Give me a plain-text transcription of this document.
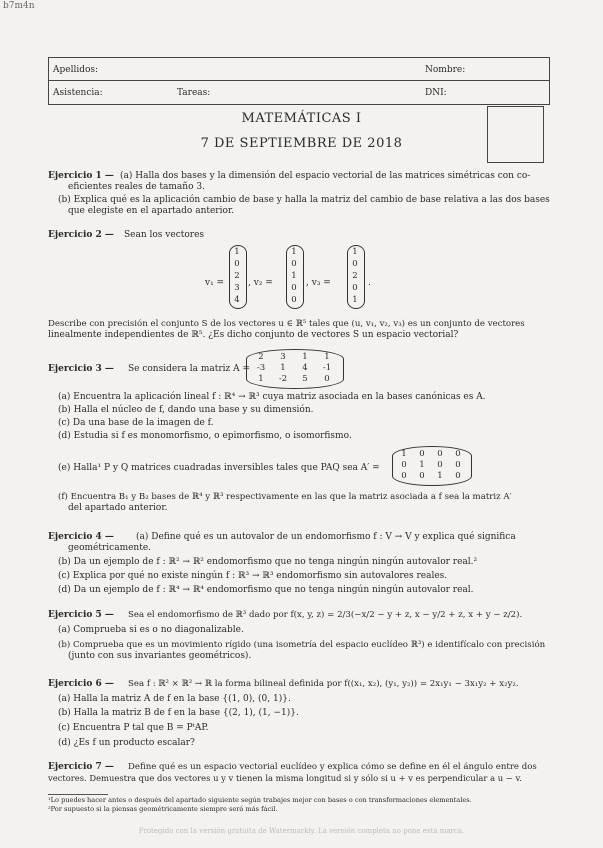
b7m4n
Apellidos:	Nombre:
Asistencia:	Tareas:	DNI:
MATEMÁTICAS I
7 DE SEPTIEMBRE DE 2018
Ejercicio 1 — (a) Halla dos bases y la dimensión del espacio vectorial de las matrices simétricas con co-
eficientes reales de tamaño 3.
(b) Explica qué es la aplicación cambio de base y halla la matriz del cambio de base relativa a las dos bases
que elegiste en el apartado anterior.
Ejercicio 2 — Sean los vectores
v₁ =
1
0
2
3
4
, v₂ =
1
0
1
0
0
, v₃ =
1
0
2
0
1
.
Describe con precisión el conjunto S de los vectores u ∈ ℝ⁵ tales que (u, v₁, v₂, v₃) es un conjunto de vectores
linealmente independientes de ℝ⁵. ¿Es dicho conjunto de vectores S un espacio vectorial?
Ejercicio 3 — Se considera la matriz A =
2	3	1	1
-3	1	4	-1
1	-2	5	0
(a) Encuentra la aplicación lineal f : ℝ⁴ → ℝ³ cuya matriz asociada en la bases canónicas es A.
(b) Halla el núcleo de f, dando una base y su dimensión.
(c) Da una base de la imagen de f.
(d) Estudia si f es monomorfismo, o epimorfismo, o isomorfismo.
(e) Halla¹ P y Q matrices cuadradas inversibles tales que PAQ sea A′ =
1	0	0	0
0	1	0	0
0	0	1	0
(f) Encuentra B₁ y B₂ bases de ℝ⁴ y ℝ³ respectivamente en las que la matriz asociada a f sea la matriz A′
del apartado anterior.
Ejercicio 4 — (a) Define qué es un autovalor de un endomorfismo f : V → V y explica qué significa
geométricamente.
(b) Da un ejemplo de f : ℝ² → ℝ² endomorfismo que no tenga ningún ningún autovalor real.²
(c) Explica por qué no existe ningún f : ℝ³ → ℝ³ endomorfismo sin autovalores reales.
(d) Da un ejemplo de f : ℝ⁴ → ℝ⁴ endomorfismo que no tenga ningún ningún autovalor real.
Ejercicio 5 — Sea el endomorfismo de ℝ³ dado por f(x, y, z) = 2/3(−x/2 − y + z, x − y/2 + z, x + y − z/2).
(a) Comprueba si es o no diagonalizable.
(b) Comprueba que es un movimiento rígido (una isometría del espacio euclídeo ℝ³) e identifícalo con precisión
(junto con sus invariantes geométricos).
Ejercicio 6 — Sea f : ℝ² × ℝ² → ℝ la forma bilineal definida por f((x₁, x₂), (y₁, y₂)) = 2x₁y₁ − 3x₁y₂ + x₂y₂.
(a) Halla la matriz A de f en la base {(1, 0), (0, 1)}.
(b) Halla la matriz B de f en la base {(2, 1), (1, −1)}.
(c) Encuentra P tal que B = PᵗAP.
(d) ¿Es f un producto escalar?
Ejercicio 7 — Define qué es un espacio vectorial euclídeo y explica cómo se define en él el ángulo entre dos
vectores. Demuestra que dos vectores u y v tienen la misma longitud si y sólo si u + v es perpendicular a u − v.
¹Lo puedes hacer antes o después del apartado siguiente según trabajes mejor con bases o con transformaciones elementales.
²Por supuesto si la piensas geométricamente siempre será más fácil.
Protegido con la versión gratuita de Watermarkly. La versión completa no pone esta marca.
